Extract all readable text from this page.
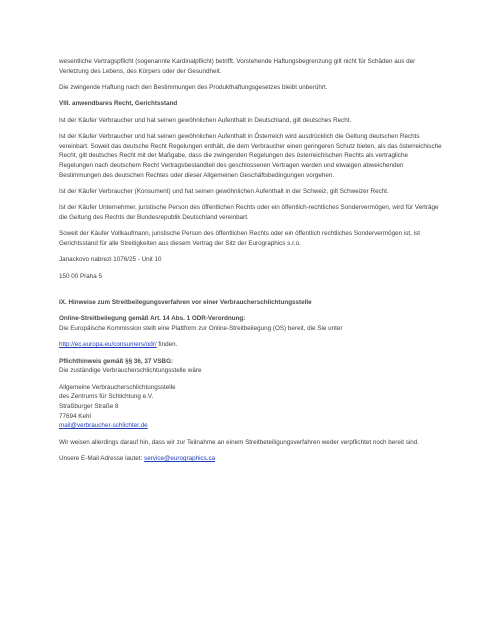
wesentliche Vertragspflicht (sogenannte Kardinalpflicht) betrifft. Vorstehende Haftungsbegrenzung gilt nicht für Schäden aus der Verletzung des Lebens, des Körpers oder der Gesundheit.

Die zwingende Haftung nach den Bestimmungen des Produkthaftungsgesetzes bleibt unberührt.

VIII. anwendbares Recht, Gerichtsstand

Ist der Käufer Verbraucher und hat seinen gewöhnlichen Aufenthalt in Deutschland, gilt deutsches Recht.

Ist der Käufer Verbraucher und hat seinen gewöhnlichen Aufenthalt in Österreich wird ausdrücklich die Geltung deutschen Rechts vereinbart. Soweit das deutsche Recht Regelungen enthält, die dem Verbraucher einen geringeren Schutz bieten, als das österreichische Recht, gilt deutsches Recht mit der Maßgabe, dass die zwingenden Regelungen des österreichischen Rechts als vertragliche Regelungen nach deutschem Recht Vertragsbestandteil des geschlossenen Vertragen werden und etwaigen abweichenden Bestimmungen des deutschen Rechtes oder dieser Allgemeinen Geschäftsbedingungen vorgehen.

Ist der Käufer Verbraucher (Konsument) und hat seinen gewöhnlichen Aufenthalt in der Schweiz, gilt Schweizer Recht.

Ist der Käufer Unternehmer, juristische Person des öffentlichen Rechts oder ein öffentlich-rechtliches Sondervermögen, wird für Verträge die Geltung des Rechts der Bundesrepublik Deutschland vereinbart.

Soweit der Käufer Vollkaufmann, juristische Person des öffentlichen Rechts oder ein öffentlich rechtliches Sondervermögen ist, ist Gerichtsstand für alle Streitigkeiten aus diesem Vertrag der Sitz der Eurographics s.r.o.

Janackovo nabrezi 1076/25 - Unit 10

150 00 Praha 5

IX. Hinweise zum Streitbeilegungsverfahren vor einer Verbraucherschlichtungsstelle

Online-Streitbeilegung gemäß Art. 14 Abs. 1 ODR-Verordnung:

Die Europäische Kommission stellt eine Plattform zur Online-Streitbeilegung (OS) bereit, die Sie unter

http://ec.europa.eu/consumers/odr/ finden.

Pflichthinweis gemäß §§ 36, 37 VSBG:

Die zuständige Verbraucherschlichtungsstelle wäre

Allgemeine Verbraucherschlichtungsstelle

des Zentrums für Schlichtung e.V.

Straßburger Straße 8

77694 Kehl

mail@verbraucher-schlichter.de

Wir weisen allerdings darauf hin, dass wir zur Teilnahme an einem Streitbeteiligungsverfahren weder verpflichtet noch bereit sind.

Unsere E-Mail Adresse lautet: service@eurographics.ca
